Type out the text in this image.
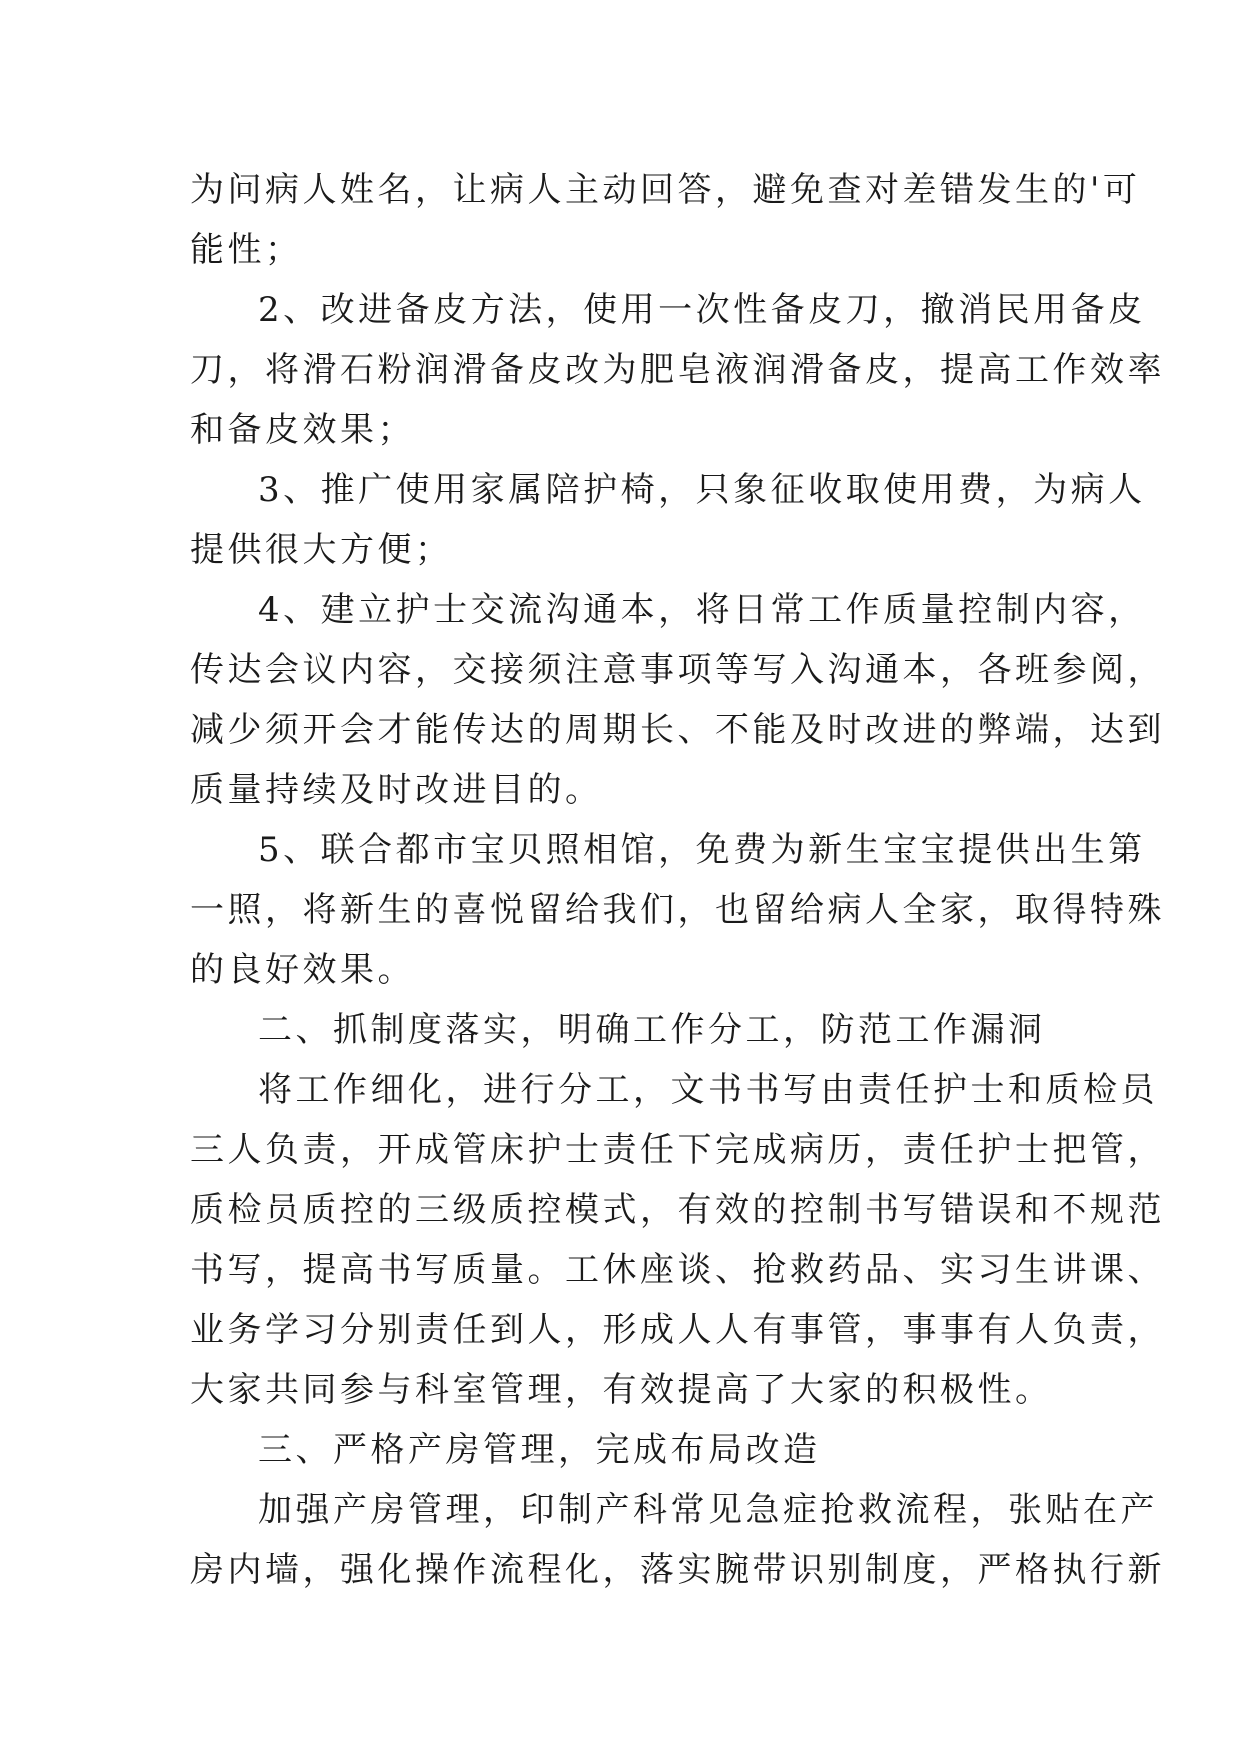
为问病人姓名，让病人主动回答，避免查对差错发生的'可
能性；
2、改进备皮方法，使用一次性备皮刀，撤消民用备皮
刀，将滑石粉润滑备皮改为肥皂液润滑备皮，提高工作效率
和备皮效果；
3、推广使用家属陪护椅，只象征收取使用费，为病人
提供很大方便；
4、建立护士交流沟通本，将日常工作质量控制内容，
传达会议内容，交接须注意事项等写入沟通本，各班参阅，
减少须开会才能传达的周期长、不能及时改进的弊端，达到
质量持续及时改进目的。
5、联合都市宝贝照相馆，免费为新生宝宝提供出生第
一照，将新生的喜悦留给我们，也留给病人全家，取得特殊
的良好效果。
二、抓制度落实，明确工作分工，防范工作漏洞
将工作细化，进行分工，文书书写由责任护士和质检员
三人负责，开成管床护士责任下完成病历，责任护士把管，
质检员质控的三级质控模式，有效的控制书写错误和不规范
书写，提高书写质量。工休座谈、抢救药品、实习生讲课、
业务学习分别责任到人，形成人人有事管，事事有人负责，
大家共同参与科室管理，有效提高了大家的积极性。
三、严格产房管理，完成布局改造
加强产房管理，印制产科常见急症抢救流程，张贴在产
房内墙，强化操作流程化，落实腕带识别制度，严格执行新
